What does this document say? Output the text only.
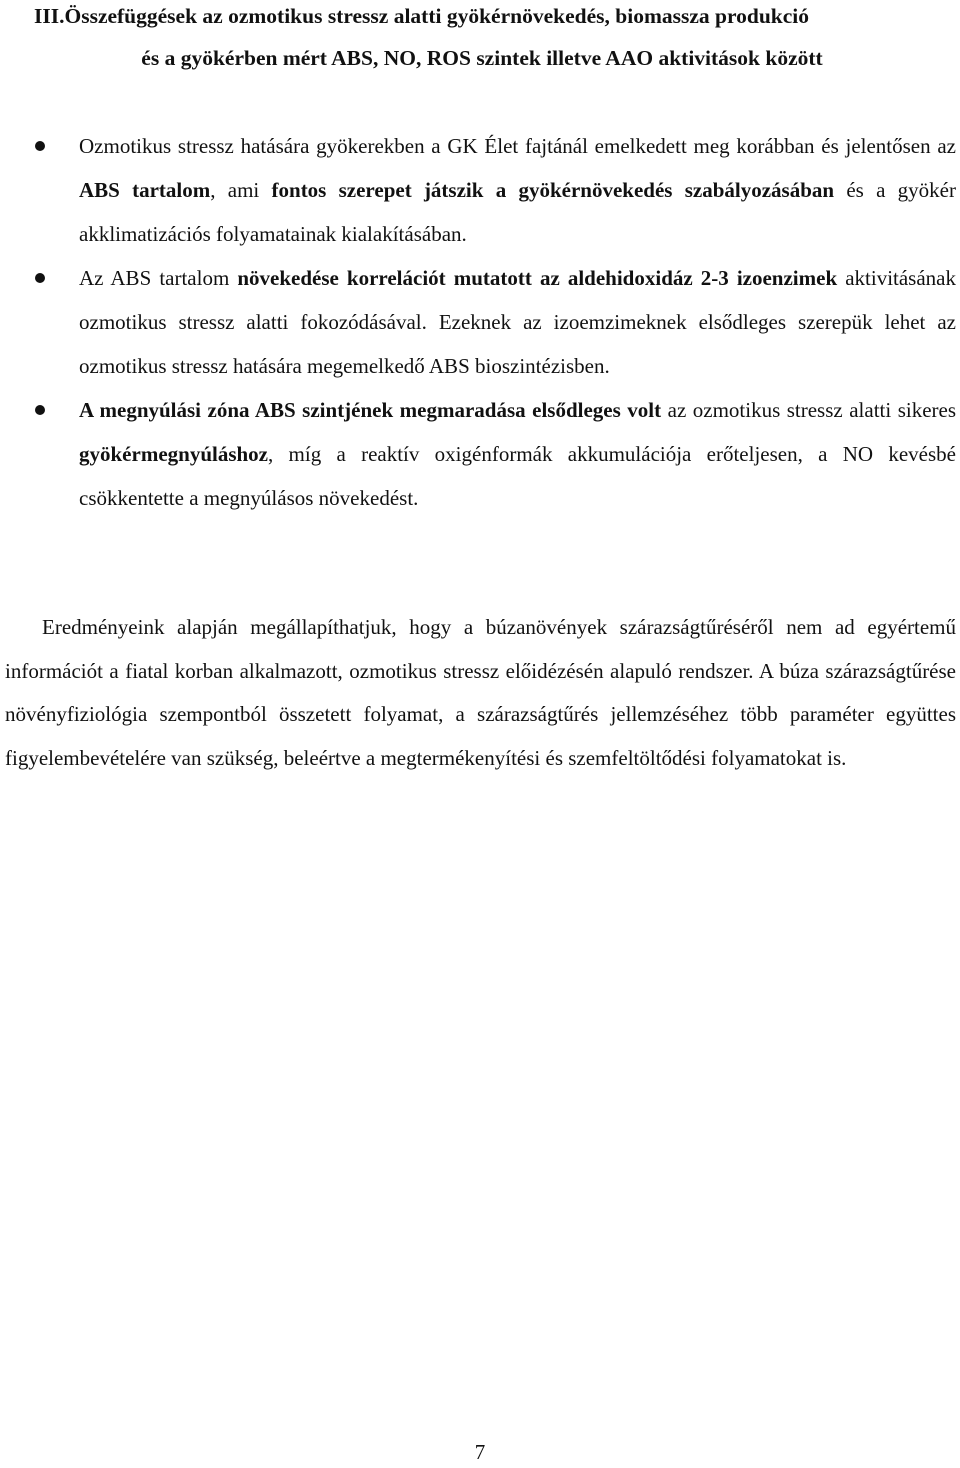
III.Összefüggések az ozmotikus stressz alatti gyökérnövekedés, biomassza produkció
és a gyökérben mért ABS, NO, ROS szintek illetve AAO aktivitások között
Ozmotikus stressz hatására gyökerekben a GK Élet fajtánál emelkedett meg korábban és jelentősen az ABS tartalom, ami fontos szerepet játszik a gyökérnövekedés szabályozásában és a gyökér akklimatizációs folyamatainak kialakításában.
Az ABS tartalom növekedése korrelációt mutatott az aldehidoxidáz 2-3 izoenzimek aktivitásának ozmotikus stressz alatti fokozódásával. Ezeknek az izoemzimeknek elsődleges szerepük lehet az ozmotikus stressz hatására megemelkedő ABS bioszintézisben.
A megnyúlási zóna ABS szintjének megmaradása elsődleges volt az ozmotikus stressz alatti sikeres gyökérmegnyúláshoz, míg a reaktív oxigénformák akkumulációja erőteljesen, a NO kevésbé csökkentette a megnyúlásos növekedést.

Eredményeink alapján megállapíthatjuk, hogy a búzanövények szárazságtűréséről nem ad egyértemű információt a fiatal korban alkalmazott, ozmotikus stressz előidézésén alapuló rendszer. A búza szárazságtűrése növényfiziológia szempontból összetett folyamat, a szárazságtűrés jellemzéséhez több paraméter együttes figyelembevételére van szükség, beleértve a megtermékenyítési és szemfeltöltődési folyamatokat is.

7
